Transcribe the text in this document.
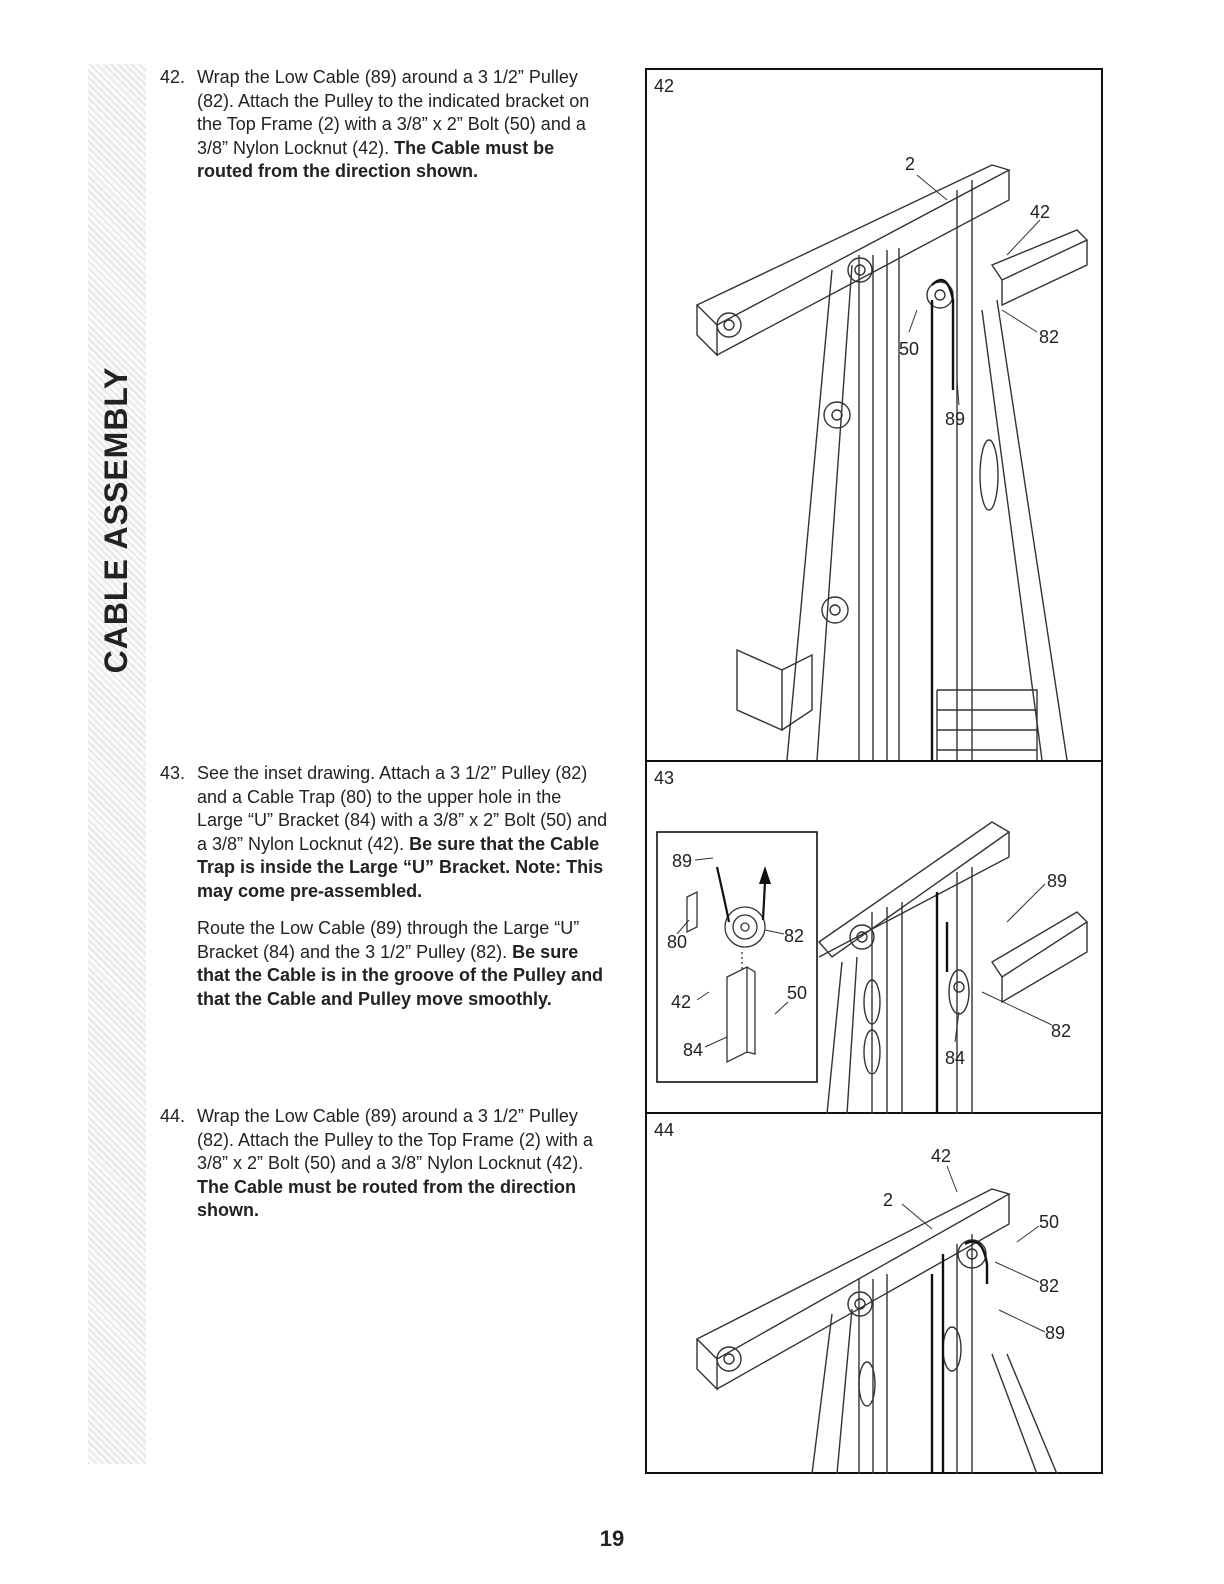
CABLE ASSEMBLY
42. Wrap the Low Cable (89) around a 3 1/2” Pulley (82). Attach the Pulley to the indicated bracket on the Top Frame (2) with a 3/8” x 2” Bolt (50) and a 3/8” Nylon Locknut (42). The Cable must be routed from the direction shown.

43. See the inset drawing. Attach a 3 1/2” Pulley (82) and a Cable Trap (80) to the upper hole in the Large “U” Bracket (84) with a 3/8” x 2” Bolt (50) and a 3/8” Nylon Locknut (42). Be sure that the Cable Trap is inside the Large “U” Bracket. Note: This may come pre-assembled.

Route the Low Cable (89) through the Large “U” Bracket (84) and the 3 1/2” Pulley (82). Be sure that the Cable is in the groove of the Pulley and that the Cable and Pulley move smoothly.

44. Wrap the Low Cable (89) around a 3 1/2” Pulley (82). Attach the Pulley to the Top Frame (2) with a 3/8” x 2” Bolt (50) and a 3/8” Nylon Locknut (42). The Cable must be routed from the direction shown.

42
2
42
82
50
89
43
89
80	82
42	50
84
89
82
84
44
42
2
50
82
89
19
